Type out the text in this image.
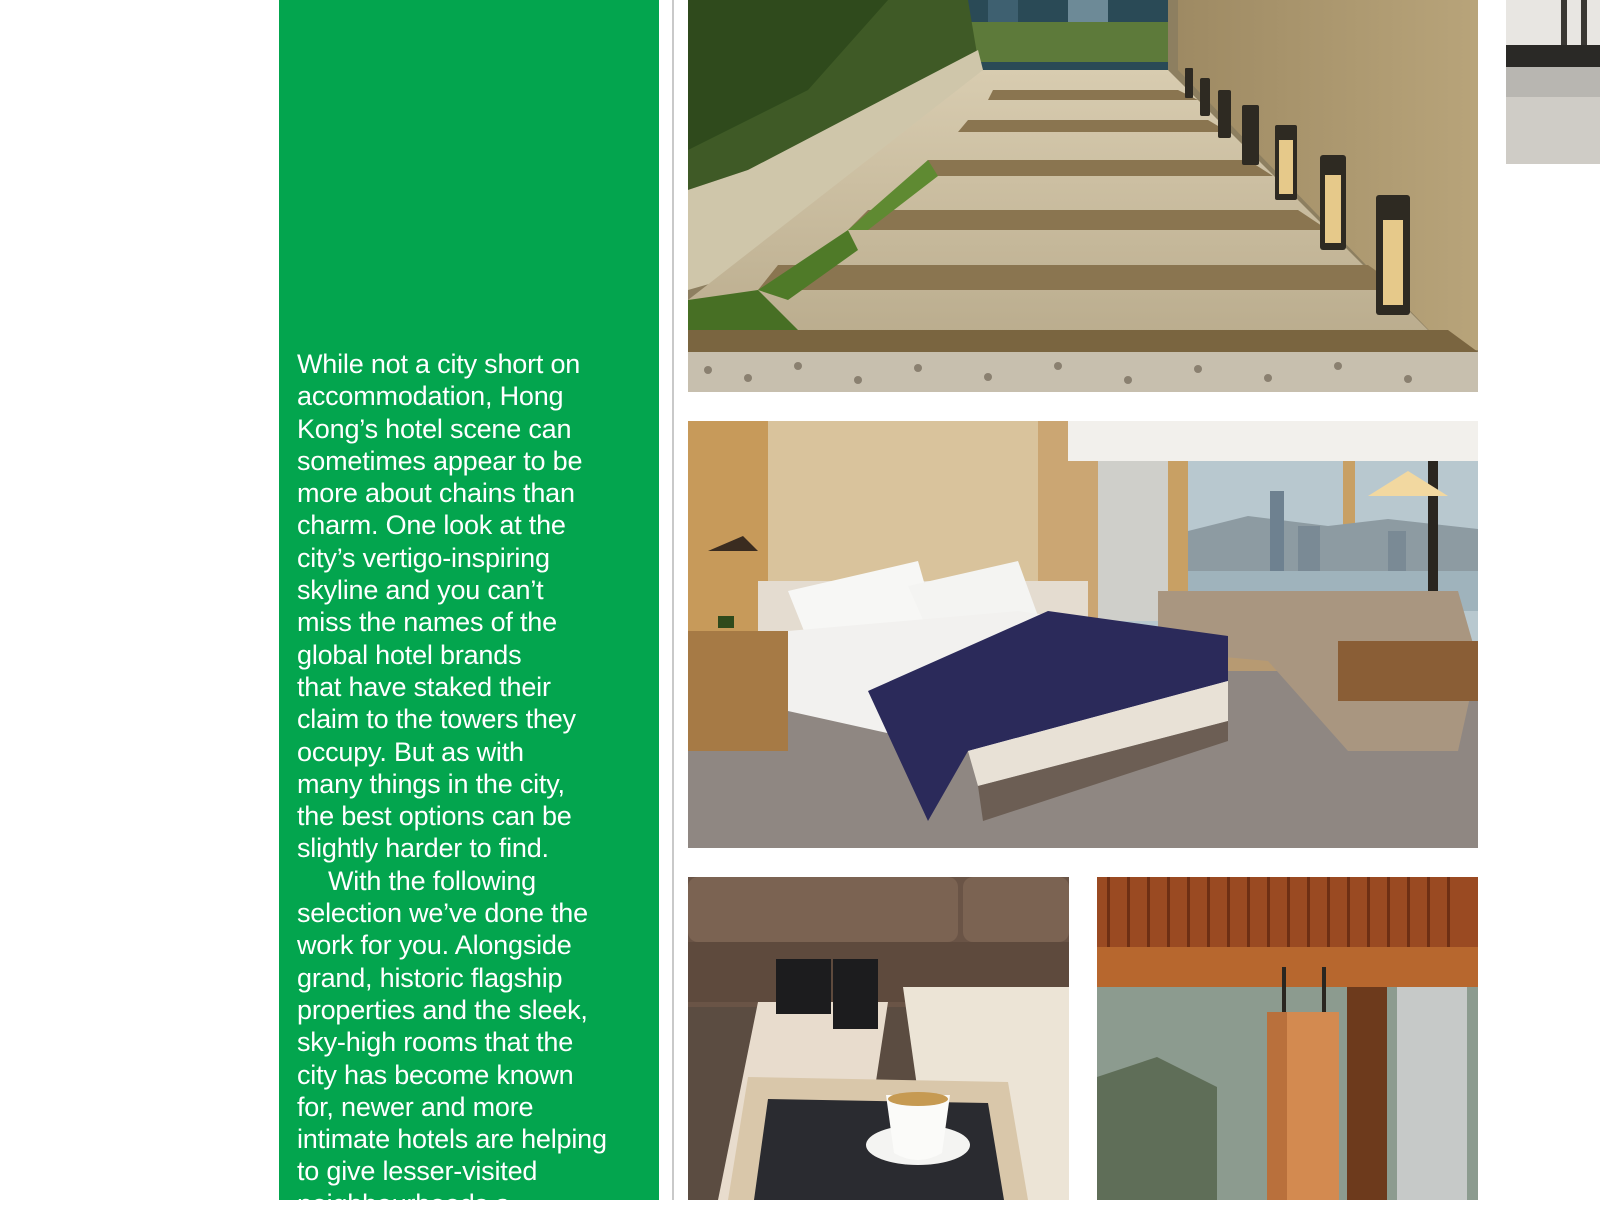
While not a city short on
accommodation, Hong
Kong’s hotel scene can
sometimes appear to be
more about chains than
charm. One look at the
city’s vertigo-inspiring
skyline and you can’t
miss the names of the
global hotel brands
that have staked their
claim to the towers they
occupy. But as with
many things in the city,
the best options can be
slightly harder to find.
With the following
selection we’ve done the
work for you. Alongside
grand, historic flagship
properties and the sleek,
sky-high rooms that the
city has become known
for, newer and more
intimate hotels are helping
to give lesser-visited
neighbourhoods a
